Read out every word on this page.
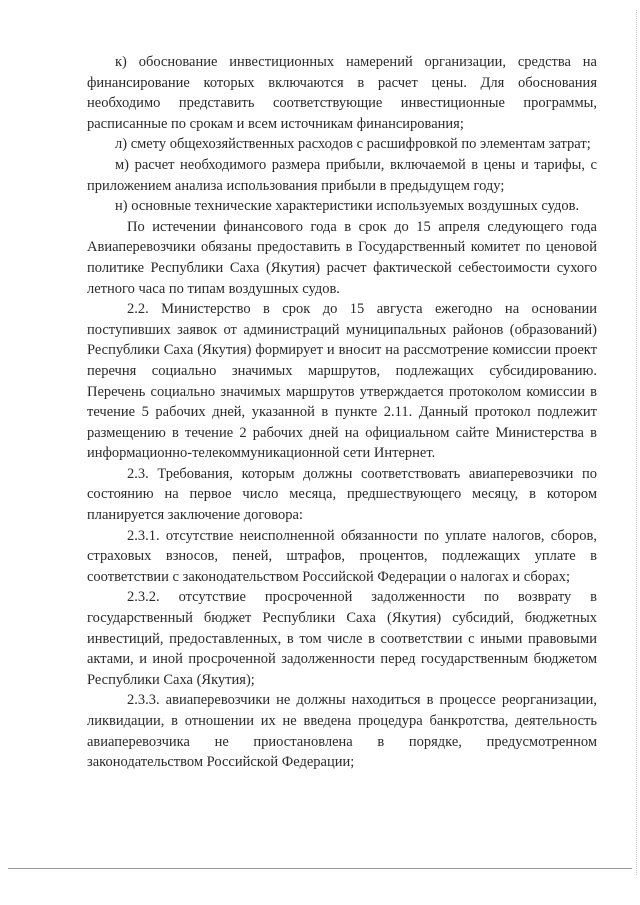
к) обоснование инвестиционных намерений организации, средства на финансирование которых включаются в расчет цены. Для обоснования необходимо представить соответствующие инвестиционные программы, расписанные по срокам и всем источникам финансирования;

л) смету общехозяйственных расходов с расшифровкой по элементам затрат;

м) расчет необходимого размера прибыли, включаемой в цены и тарифы, с приложением анализа использования прибыли в предыдущем году;

н) основные технические характеристики используемых воздушных судов.

По истечении финансового года в срок до 15 апреля следующего года Авиаперевозчики обязаны предоставить в Государственный комитет по ценовой политике Республики Саха (Якутия) расчет фактической себестоимости сухого летного часа по типам воздушных судов.

2.2. Министерство в срок до 15 августа ежегодно на основании поступивших заявок от администраций муниципальных районов (образований) Республики Саха (Якутия) формирует и вносит на рассмотрение комиссии проект перечня социально значимых маршрутов, подлежащих субсидированию. Перечень социально значимых маршрутов утверждается протоколом комиссии в течение 5 рабочих дней, указанной в пункте 2.11. Данный протокол подлежит размещению в течение 2 рабочих дней на официальном сайте Министерства в информационно-телекоммуникационной сети Интернет.

2.3. Требования, которым должны соответствовать авиаперевозчики по состоянию на первое число месяца, предшествующего месяцу, в котором планируется заключение договора:

2.3.1. отсутствие неисполненной обязанности по уплате налогов, сборов, страховых взносов, пеней, штрафов, процентов, подлежащих уплате в соответствии с законодательством Российской Федерации о налогах и сборах;

2.3.2. отсутствие просроченной задолженности по возврату в государственный бюджет Республики Саха (Якутия) субсидий, бюджетных инвестиций, предоставленных, в том числе в соответствии с иными правовыми актами, и иной просроченной задолженности перед государственным бюджетом Республики Саха (Якутия);

2.3.3. авиаперевозчики не должны находиться в процессе реорганизации, ликвидации, в отношении их не введена процедура банкротства, деятельность авиаперевозчика не приостановлена в порядке, предусмотренном законодательством Российской Федерации;
